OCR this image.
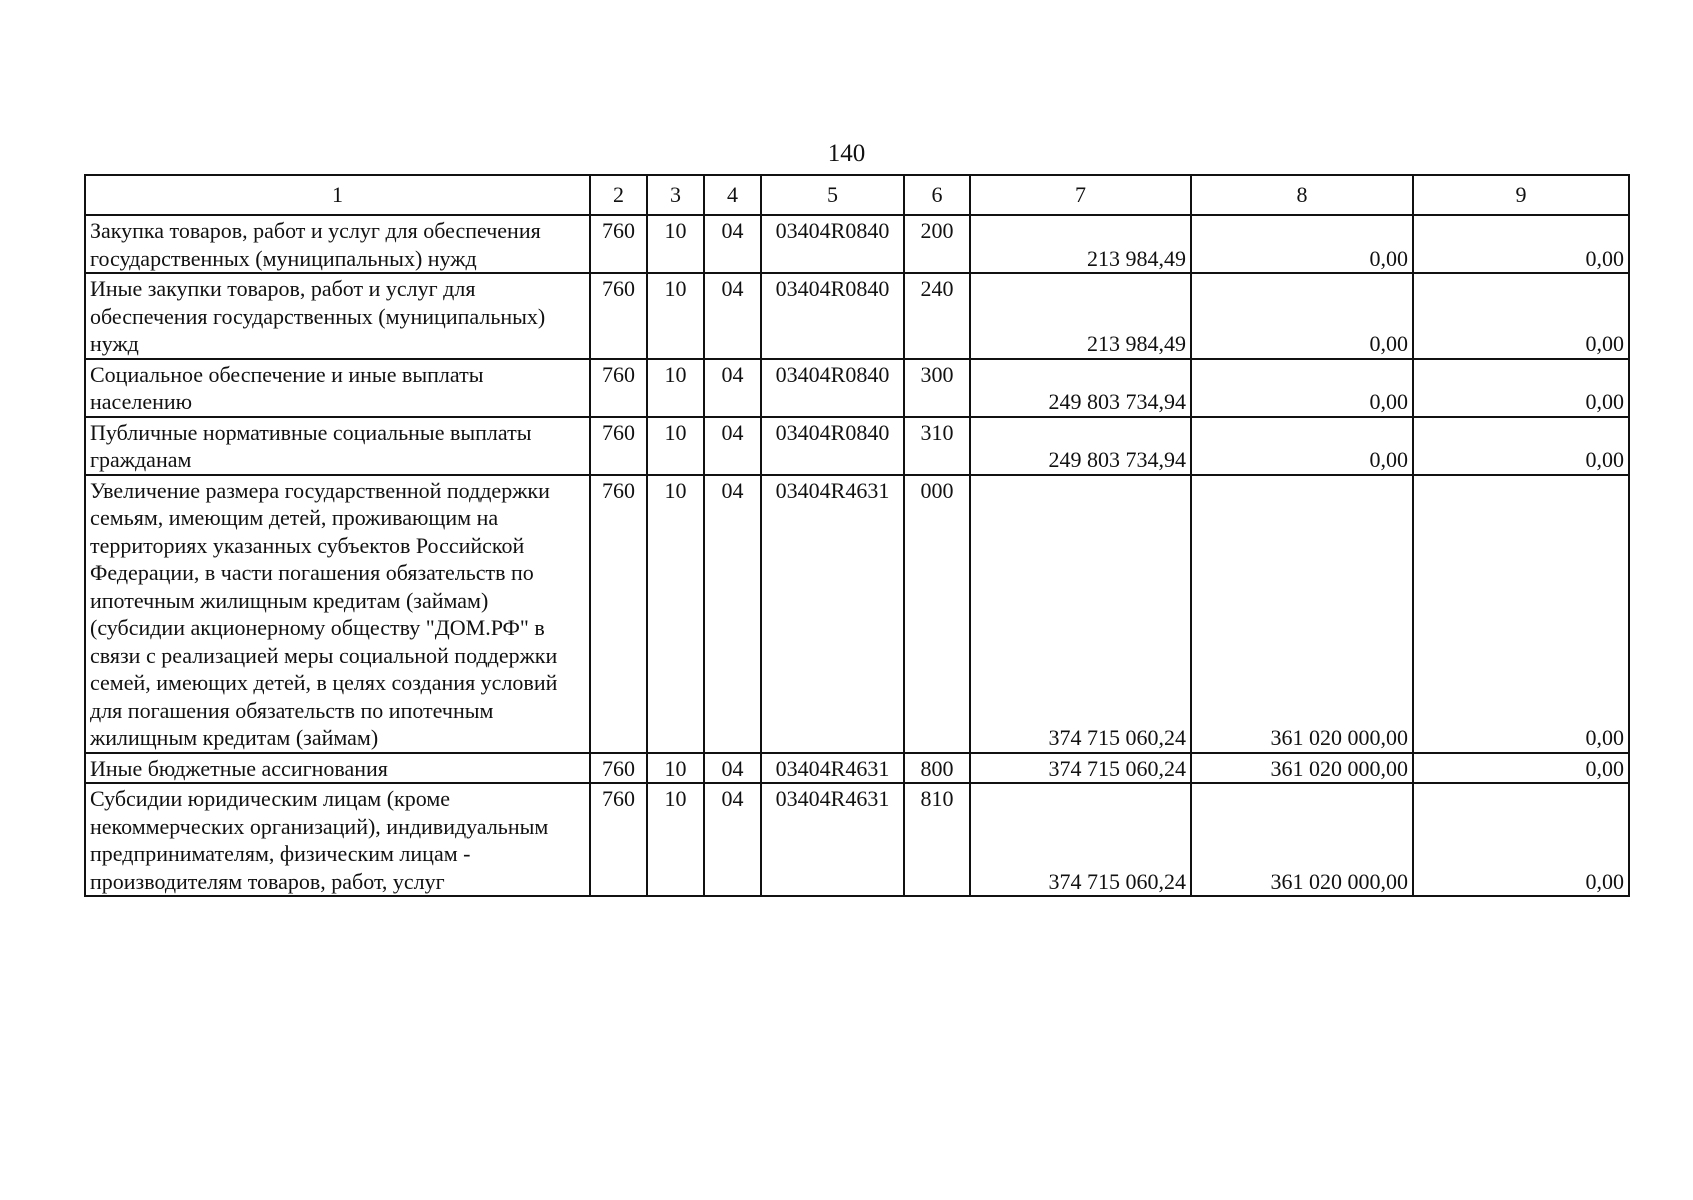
140
1	2	3	4	5	6	7	8	9
Закупка товаров, работ и услуг для обеспечения государственных (муниципальных) нужд	760	10	04	03404R0840	200	213 984,49	0,00	0,00
Иные закупки товаров, работ и услуг для обеспечения государственных (муниципальных) нужд	760	10	04	03404R0840	240	213 984,49	0,00	0,00
Социальное обеспечение и иные выплаты населению	760	10	04	03404R0840	300	249 803 734,94	0,00	0,00
Публичные нормативные социальные выплаты гражданам	760	10	04	03404R0840	310	249 803 734,94	0,00	0,00
Увеличение размера государственной поддержки семьям, имеющим детей, проживающим на территориях указанных субъектов Российской Федерации, в части погашения обязательств по ипотечным жилищным кредитам (займам) (субсидии акционерному обществу "ДОМ.РФ" в связи с реализацией меры социальной поддержки семей, имеющих детей, в целях создания условий для погашения обязательств по ипотечным жилищным кредитам (займам)	760	10	04	03404R4631	000	374 715 060,24	361 020 000,00	0,00
Иные бюджетные ассигнования	760	10	04	03404R4631	800	374 715 060,24	361 020 000,00	0,00
Субсидии юридическим лицам (кроме некоммерческих организаций), индивидуальным предпринимателям, физическим лицам - производителям товаров, работ, услуг	760	10	04	03404R4631	810	374 715 060,24	361 020 000,00	0,00
